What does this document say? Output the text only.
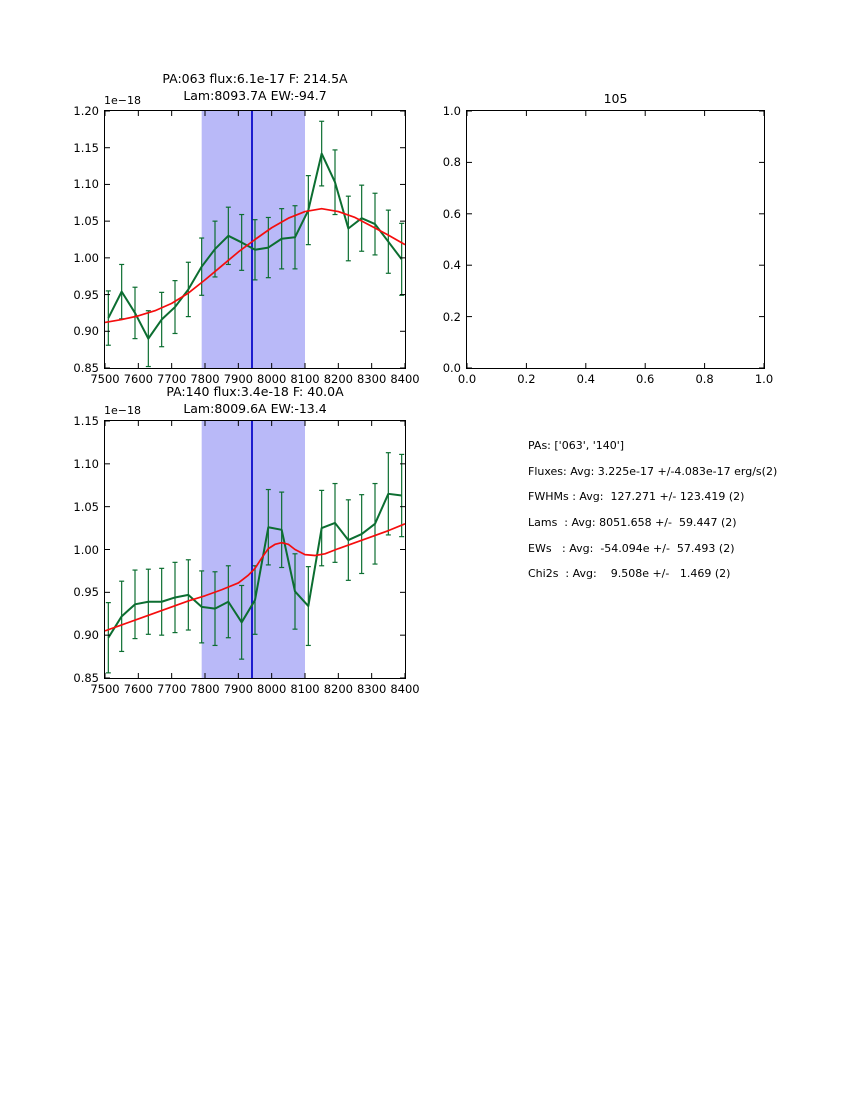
PA:063 flux:6.1e-17 F: 214.5A
Lam:8093.7A EW:-94.7
1e−18	105
PA:140 flux:3.4e-18 F: 40.0A
Lam:8009.6A EW:-13.4
1e−18
PAs: ['063', '140']
Fluxes: Avg: 3.225e-17 +/-4.083e-17 erg/s(2)
FWHMs : Avg:  127.271 +/- 123.419 (2)
Lams  : Avg: 8051.658 +/-  59.447 (2)
EWs   : Avg:  -54.094e +/-  57.493 (2)
Chi2s  : Avg:    9.508e +/-   1.469 (2)
7500 7600 7700 7800 7900 8000 8100 8200 8300 8400
0.85
0.90
0.95
1.00
1.05
1.10
1.15
1.20
0.0	0.2	0.4	0.6	0.8	1.0
0.0
0.2
0.4
0.6
0.8
1.0
7500 7600 7700 7800 7900 8000 8100 8200 8300 8400
0.85
0.90
0.95
1.00
1.05
1.10
1.15
